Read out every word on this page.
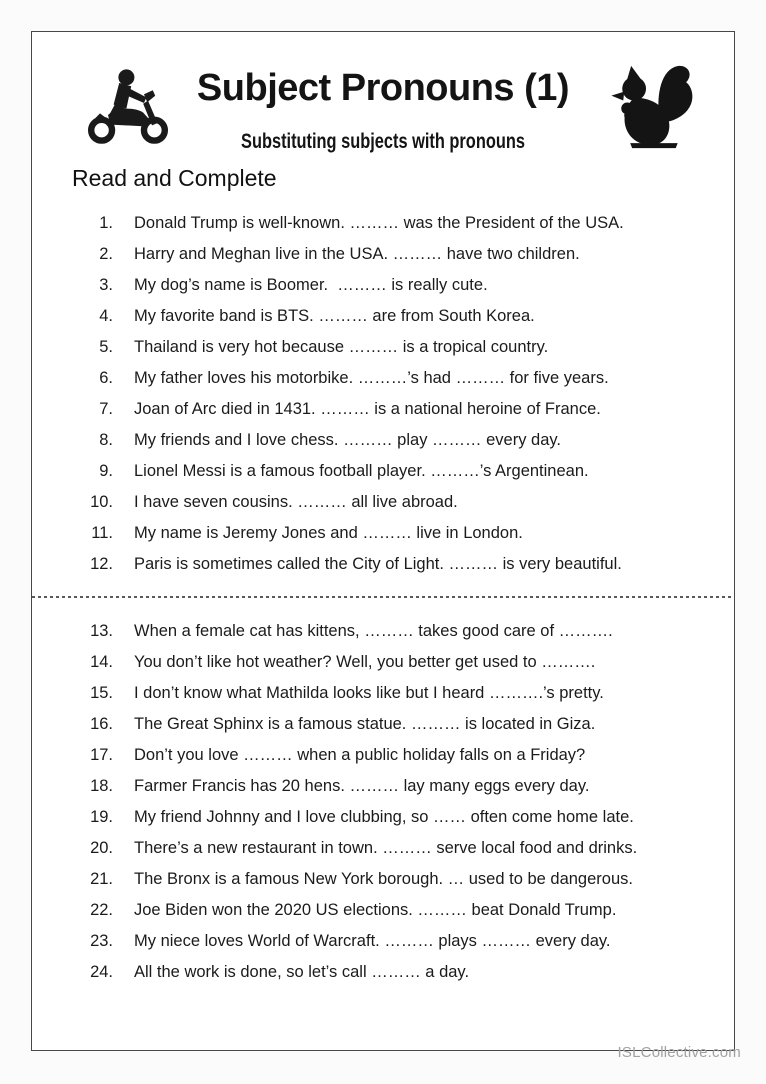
Subject Pronouns (1)

Substituting subjects with pronouns
Read and Complete
1. Donald Trump is well-known. ……… was the President of the USA.
2. Harry and Meghan live in the USA. ……… have two children.
3. My dog’s name is Boomer.  ……… is really cute.
4. My favorite band is BTS. ……… are from South Korea.
5. Thailand is very hot because ……… is a tropical country.
6. My father loves his motorbike. ………’s had ……… for five years.
7. Joan of Arc died in 1431. ……… is a national heroine of France.
8. My friends and I love chess. ……… play ……… every day.
9. Lionel Messi is a famous football player. ………’s Argentinean.
10. I have seven cousins. ……… all live abroad.
11. My name is Jeremy Jones and ……… live in London.
12. Paris is sometimes called the City of Light. ……… is very beautiful.
13. When a female cat has kittens, ……… takes good care of ……….
14. You don’t like hot weather? Well, you better get used to ……….
15. I don’t know what Mathilda looks like but I heard ……….’s pretty.
16. The Great Sphinx is a famous statue. ……… is located in Giza.
17. Don’t you love ……… when a public holiday falls on a Friday?
18. Farmer Francis has 20 hens. ……… lay many eggs every day.
19. My friend Johnny and I love clubbing, so …… often come home late.
20. There’s a new restaurant in town. ……… serve local food and drinks.
21. The Bronx is a famous New York borough. … used to be dangerous.
22. Joe Biden won the 2020 US elections. ……… beat Donald Trump.
23. My niece loves World of Warcraft. ……… plays ……… every day.
24. All the work is done, so let’s call ……… a day.
ISLCollective.com
